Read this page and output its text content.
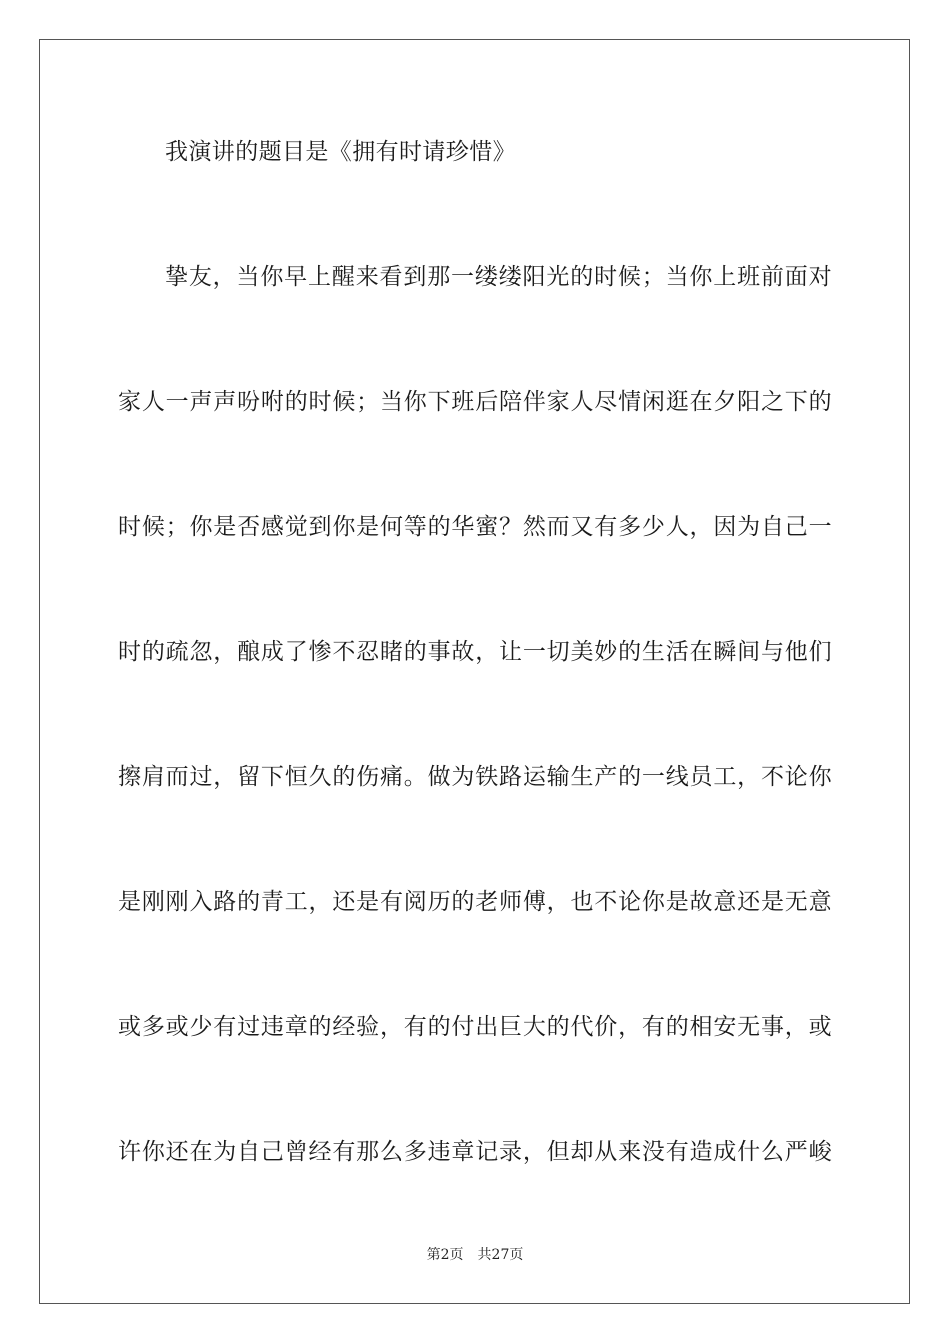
我演讲的题目是《拥有时请珍惜》
挚友，当你早上醒来看到那一缕缕阳光的时候；当你上班前面对
家人一声声吩咐的时候；当你下班后陪伴家人尽情闲逛在夕阳之下的
时候；你是否感觉到你是何等的华蜜？然而又有多少人，因为自己一
时的疏忽，酿成了惨不忍睹的事故，让一切美妙的生活在瞬间与他们
擦肩而过，留下恒久的伤痛。做为铁路运输生产的一线员工，不论你
是刚刚入路的青工，还是有阅历的老师傅，也不论你是故意还是无意
或多或少有过违章的经验，有的付出巨大的代价，有的相安无事，或
许你还在为自己曾经有那么多违章记录，但却从来没有造成什么严峻
第2页 共27页
